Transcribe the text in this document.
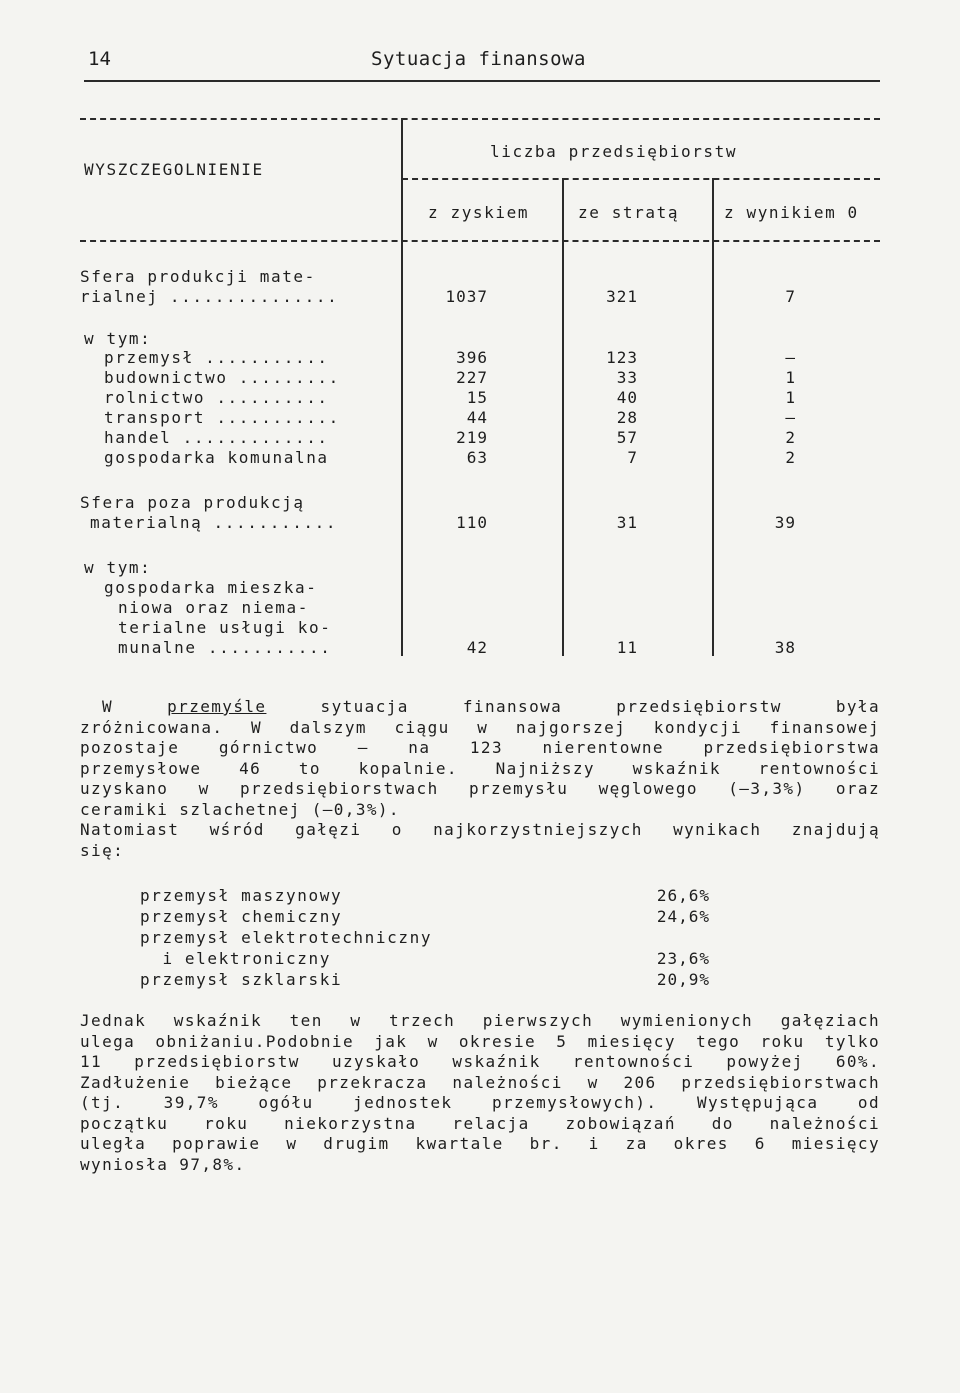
14	Sytuacja finansowa
WYSZCZEGOLNIENIE
liczba przedsiębiorstw
z zyskiem	ze stratą	z wynikiem 0
Sfera produkcji mate-
rialnej ...............	1037	321	7
w tym:
przemysł ...........	396	123	–
budownictwo .........	227	33	1
rolnictwo ..........	15	40	1
transport ...........	44	28	–
handel .............	219	57	2
gospodarka komunalna	63	7	2
Sfera poza produkcją
materialną ...........	110	31	39
w tym:
gospodarka mieszka-
niowa oraz niema-
terialne usługi ko-
munalne ...........	42	11	38
W przemyśle sytuacja finansowa przedsiębiorstw była
zróżnicowana. W dalszym ciągu w najgorszej kondycji finansowej
pozostaje górnictwo – na 123 nierentowne przedsiębiorstwa
przemysłowe 46 to kopalnie. Najniższy wskaźnik rentowności
uzyskano w przedsiębiorstwach przemysłu węglowego (–3,3%) oraz
ceramiki szlachetnej (–0,3%).
Natomiast wśród gałęzi o najkorzystniejszych wynikach znajdują
się:
przemysł maszynowy	26,6%
przemysł chemiczny	24,6%
przemysł elektrotechniczny
i elektroniczny	23,6%
przemysł szklarski	20,9%
Jednak wskaźnik ten w trzech pierwszych wymienionych gałęziach
ulega obniżaniu.Podobnie jak w okresie 5 miesięcy tego roku tylko
11 przedsiębiorstw uzyskało wskaźnik rentowności powyżej 60%.
Zadłużenie bieżące przekracza należności w 206 przedsiębiorstwach
(tj. 39,7% ogółu jednostek przemysłowych). Występująca od
początku roku niekorzystna relacja zobowiązań do należności
uległa poprawie w drugim kwartale br. i za okres 6 miesięcy
wyniosła 97,8%.
